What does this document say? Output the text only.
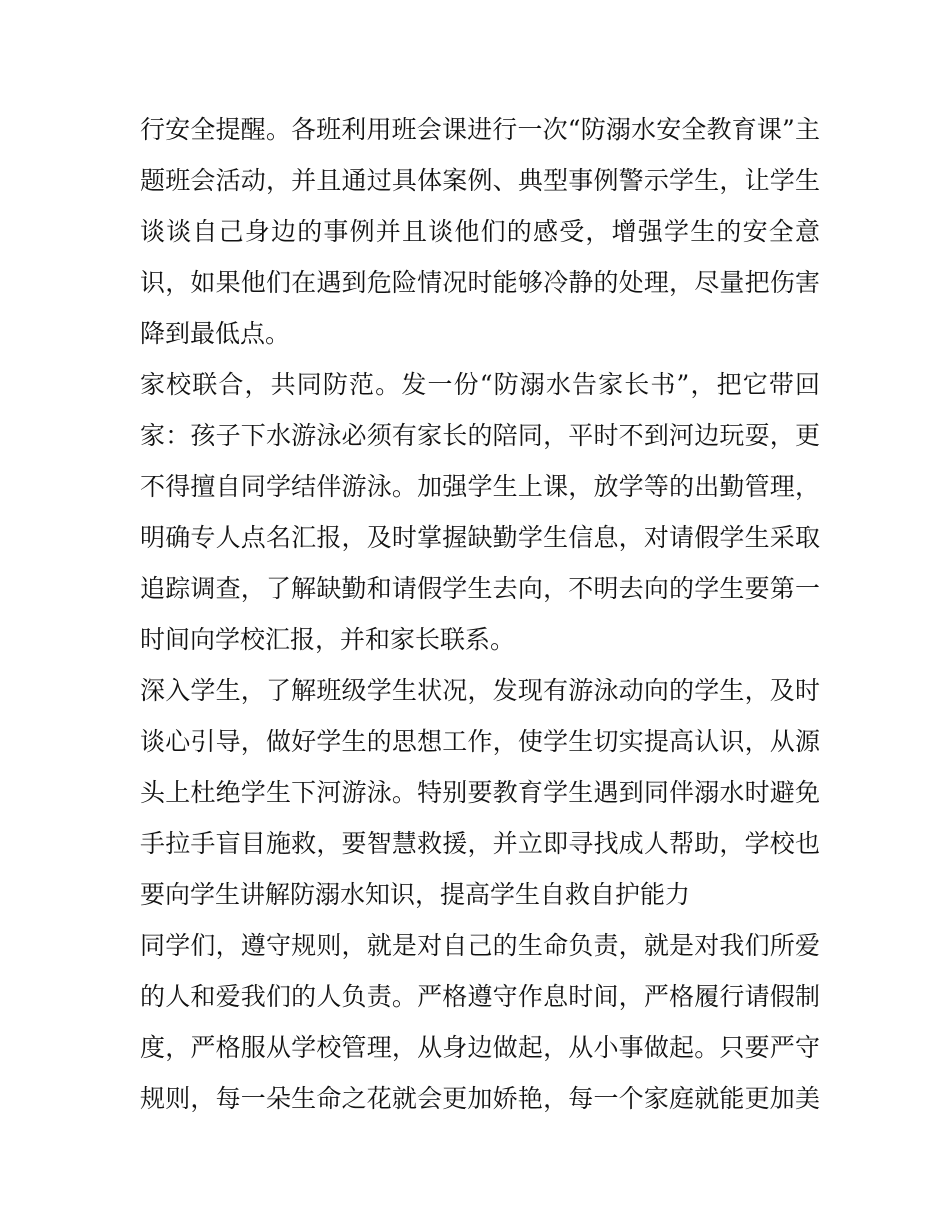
行安全提醒。各班利用班会课进行一次“防溺水安全教育课”主
题班会活动，并且通过具体案例、典型事例警示学生，让学生
谈谈自己身边的事例并且谈他们的感受，增强学生的安全意
识，如果他们在遇到危险情况时能够冷静的处理，尽量把伤害
降到最低点。
家校联合，共同防范。发一份“防溺水告家长书”，把它带回
家：孩子下水游泳必须有家长的陪同，平时不到河边玩耍，更
不得擅自同学结伴游泳。加强学生上课，放学等的出勤管理，
明确专人点名汇报，及时掌握缺勤学生信息，对请假学生采取
追踪调查，了解缺勤和请假学生去向，不明去向的学生要第一
时间向学校汇报，并和家长联系。
深入学生，了解班级学生状况，发现有游泳动向的学生，及时
谈心引导，做好学生的思想工作，使学生切实提高认识，从源
头上杜绝学生下河游泳。特别要教育学生遇到同伴溺水时避免
手拉手盲目施救，要智慧救援，并立即寻找成人帮助，学校也
要向学生讲解防溺水知识，提高学生自救自护能力
同学们，遵守规则，就是对自己的生命负责，就是对我们所爱
的人和爱我们的人负责。严格遵守作息时间，严格履行请假制
度，严格服从学校管理，从身边做起，从小事做起。只要严守
规则，每一朵生命之花就会更加娇艳，每一个家庭就能更加美
